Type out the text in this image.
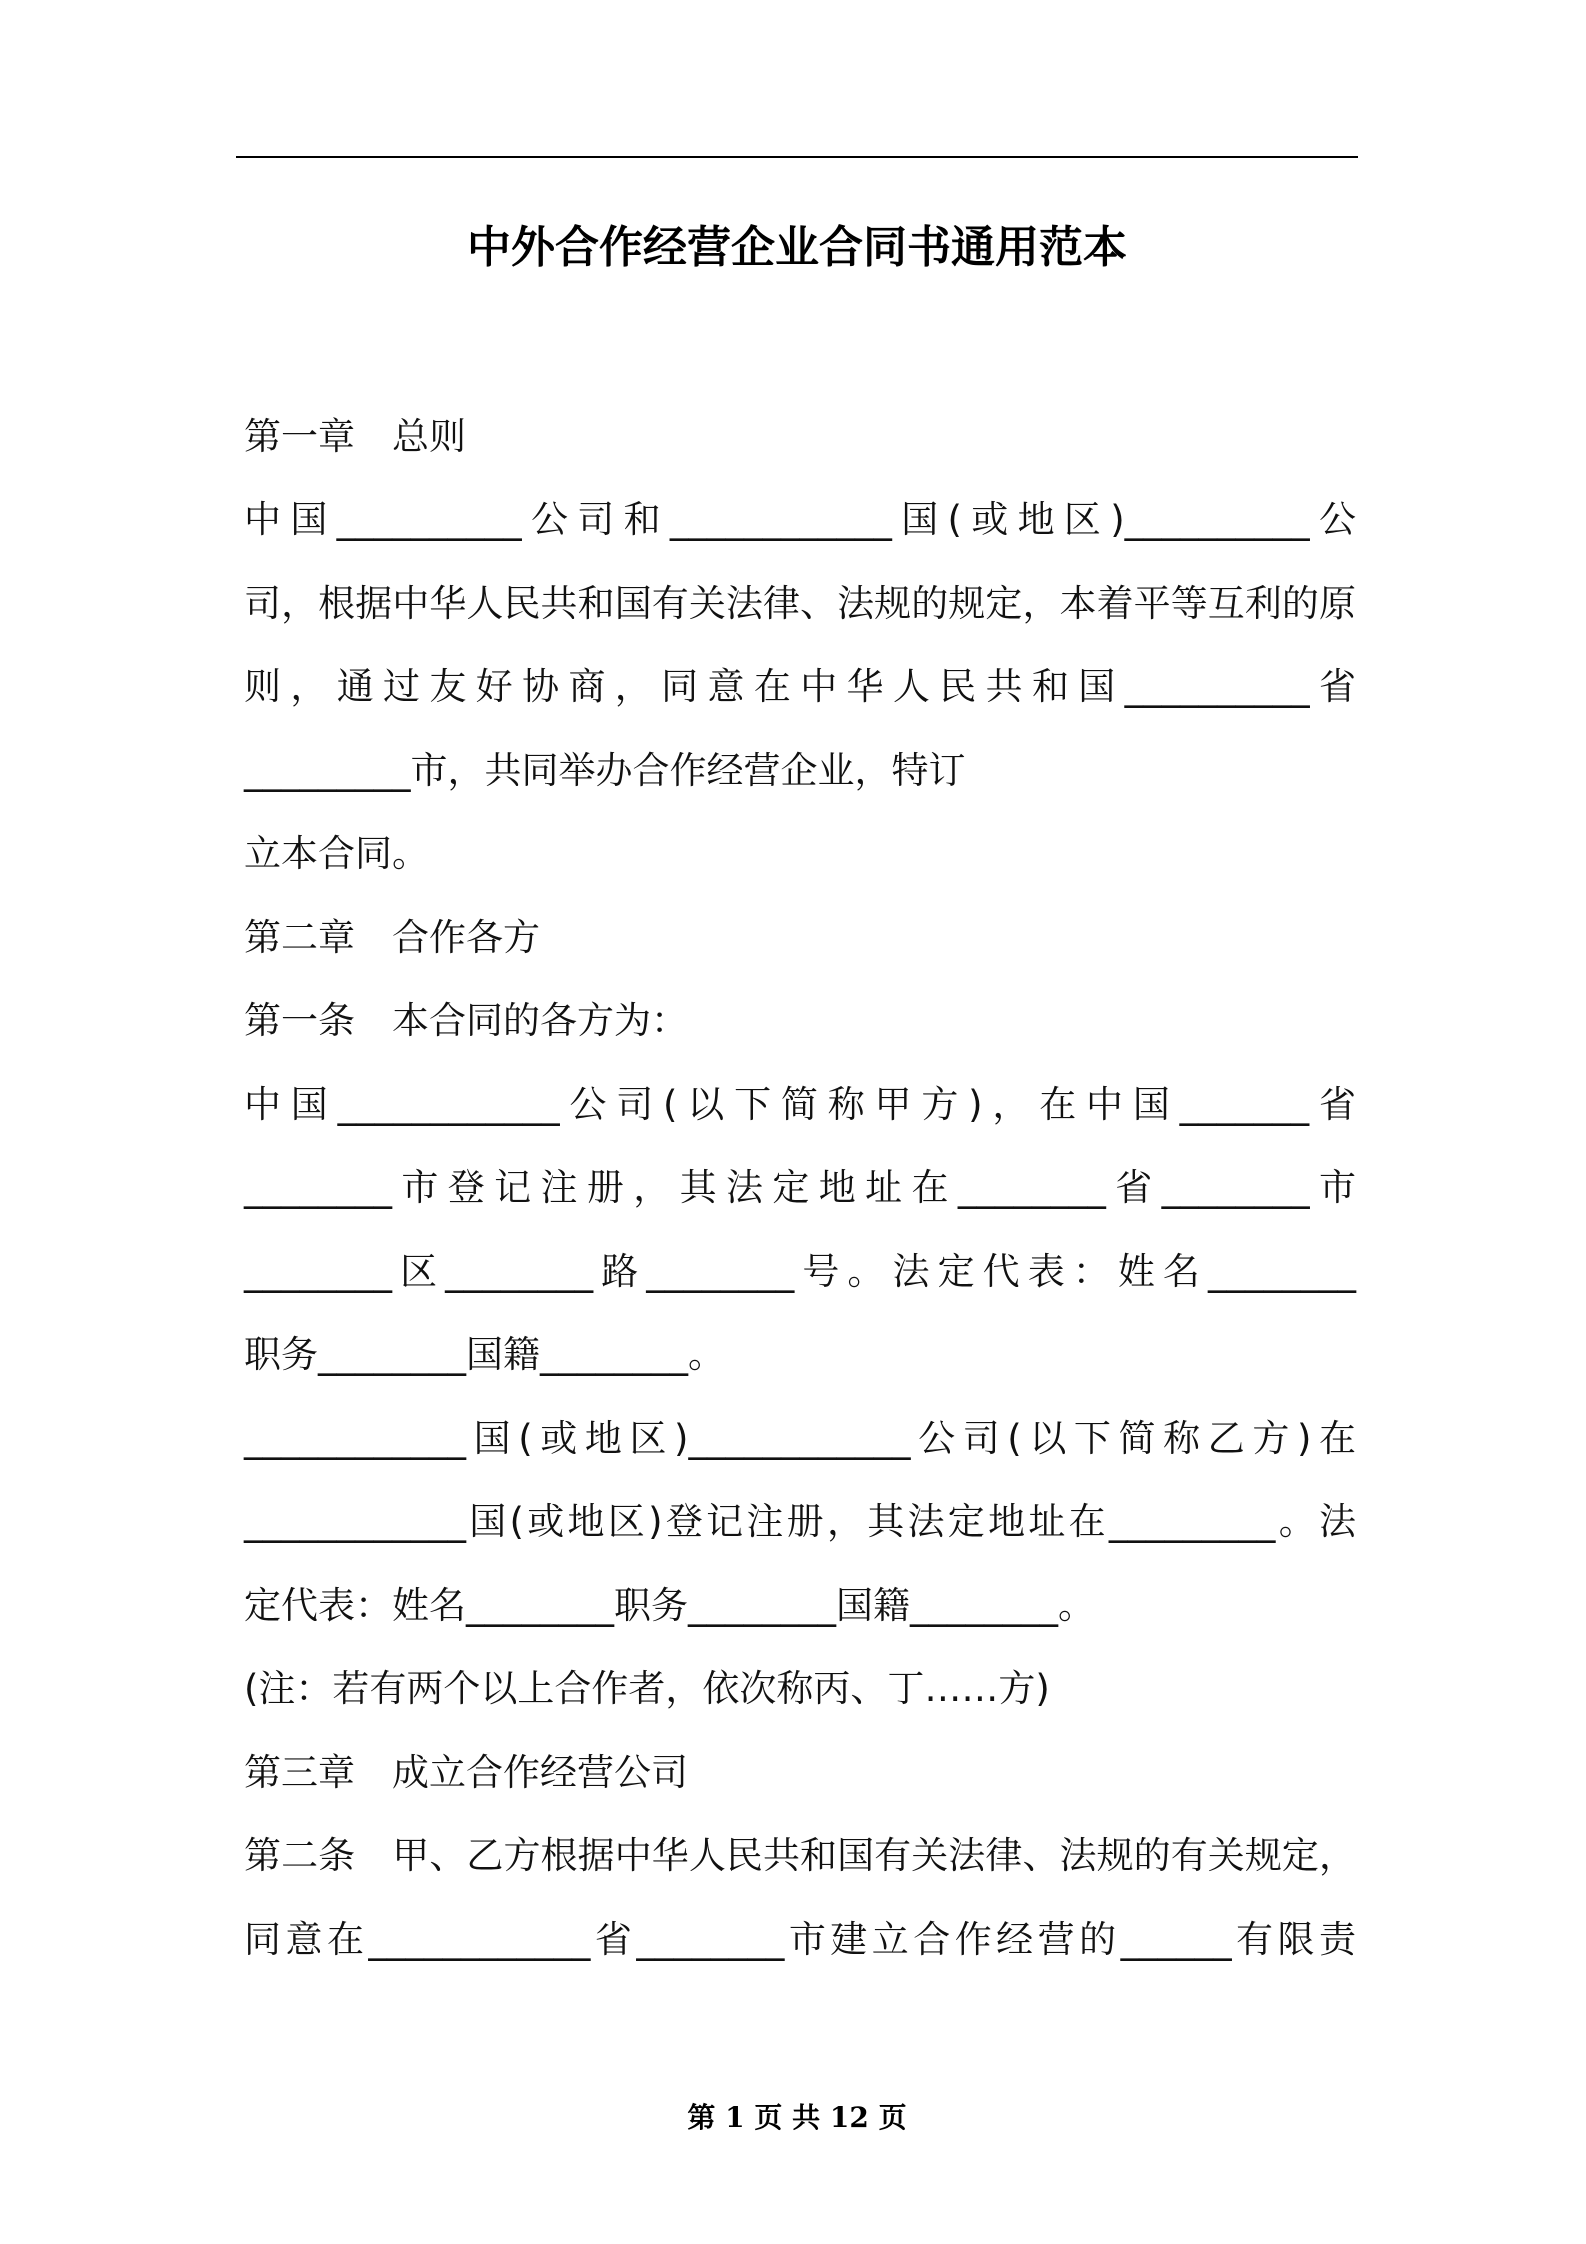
中外合作经营企业合同书通用范本
第一章　总则
中国__________公司和____________国(或地区)__________公
司，根据中华人民共和国有关法律、法规的规定，本着平等互利的原
则，通过友好协商，同意在中华人民共和国__________省
_________市，共同举办合作经营企业，特订
立本合同。
第二章　合作各方
第一条　本合同的各方为：
中国____________公司(以下简称甲方)，在中国_______省
________市登记注册，其法定地址在________省________市
________区________路________号。法定代表：姓名________
职务________国籍________。
____________国(或地区)____________公司(以下简称乙方)在
____________国(或地区)登记注册，其法定地址在_________。法
定代表：姓名________职务________国籍________。
(注：若有两个以上合作者，依次称丙、丁……方)
第三章　成立合作经营公司
第二条　甲、乙方根据中华人民共和国有关法律、法规的有关规定，
同意在____________省________市建立合作经营的______有限责
第 1 页 共 12 页
